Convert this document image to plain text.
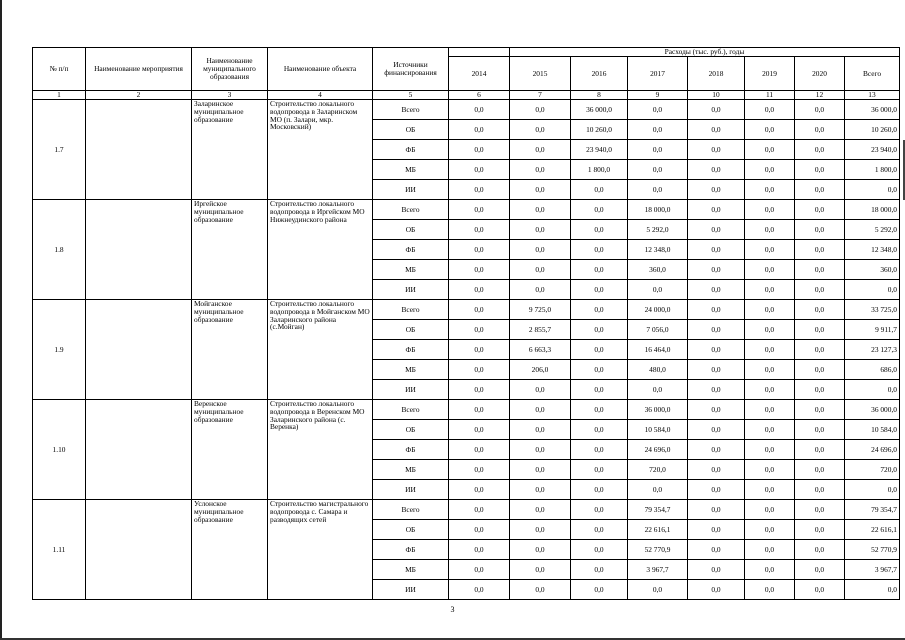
№ п/п	Наименование мероприятия	Наименование муниципального образования	Наименование объекта	Источники финансирования		Расходы (тыс. руб.), годы						
					2014	2015	2016	2017	2018	2019	2020	Всего
1	2	3	4	5	6	7	8	9	10	11	12	13
1.7		Заларинское муниципальное образование	Строительство локального водопровода в Заларинском МО (п. Залари, мкр. Московский)	Всего	0,0	0,0	36 000,0	0,0	0,0	0,0	0,0	36 000,0
				ОБ	0,0	0,0	10 260,0	0,0	0,0	0,0	0,0	10 260,0
				ФБ	0,0	0,0	23 940,0	0,0	0,0	0,0	0,0	23 940,0
				МБ	0,0	0,0	1 800,0	0,0	0,0	0,0	0,0	1 800,0
				ИИ	0,0	0,0	0,0	0,0	0,0	0,0	0,0	0,0
1.8		Иргейское муниципальное образование	Строительство локального водопровода в Иргейском МО Нижнеудинского района	Всего	0,0	0,0	0,0	18 000,0	0,0	0,0	0,0	18 000,0
				ОБ	0,0	0,0	0,0	5 292,0	0,0	0,0	0,0	5 292,0
				ФБ	0,0	0,0	0,0	12 348,0	0,0	0,0	0,0	12 348,0
				МБ	0,0	0,0	0,0	360,0	0,0	0,0	0,0	360,0
				ИИ	0,0	0,0	0,0	0,0	0,0	0,0	0,0	0,0
1.9		Мойганское муниципальное образование	Строительство локального водопровода в Мойганском МО Заларинского района (с.Мойган)	Всего	0,0	9 725,0	0,0	24 000,0	0,0	0,0	0,0	33 725,0
				ОБ	0,0	2 855,7	0,0	7 056,0	0,0	0,0	0,0	9 911,7
				ФБ	0,0	6 663,3	0,0	16 464,0	0,0	0,0	0,0	23 127,3
				МБ	0,0	206,0	0,0	480,0	0,0	0,0	0,0	686,0
				ИИ	0,0	0,0	0,0	0,0	0,0	0,0	0,0	0,0
1.10		Веренское муниципальное образование	Строительство локального водопровода в Веренском МО Заларинского района (с. Веренка)	Всего	0,0	0,0	0,0	36 000,0	0,0	0,0	0,0	36 000,0
				ОБ	0,0	0,0	0,0	10 584,0	0,0	0,0	0,0	10 584,0
				ФБ	0,0	0,0	0,0	24 696,0	0,0	0,0	0,0	24 696,0
				МБ	0,0	0,0	0,0	720,0	0,0	0,0	0,0	720,0
				ИИ	0,0	0,0	0,0	0,0	0,0	0,0	0,0	0,0
1.11		Услонское муниципальное образование	Строительство магистрального водопровода с. Самара и разводящих сетей	Всего	0,0	0,0	0,0	79 354,7	0,0	0,0	0,0	79 354,7
				ОБ	0,0	0,0	0,0	22 616,1	0,0	0,0	0,0	22 616,1
				ФБ	0,0	0,0	0,0	52 770,9	0,0	0,0	0,0	52 770,9
				МБ	0,0	0,0	0,0	3 967,7	0,0	0,0	0,0	3 967,7
				ИИ	0,0	0,0	0,0	0,0	0,0	0,0	0,0	0,0
3
